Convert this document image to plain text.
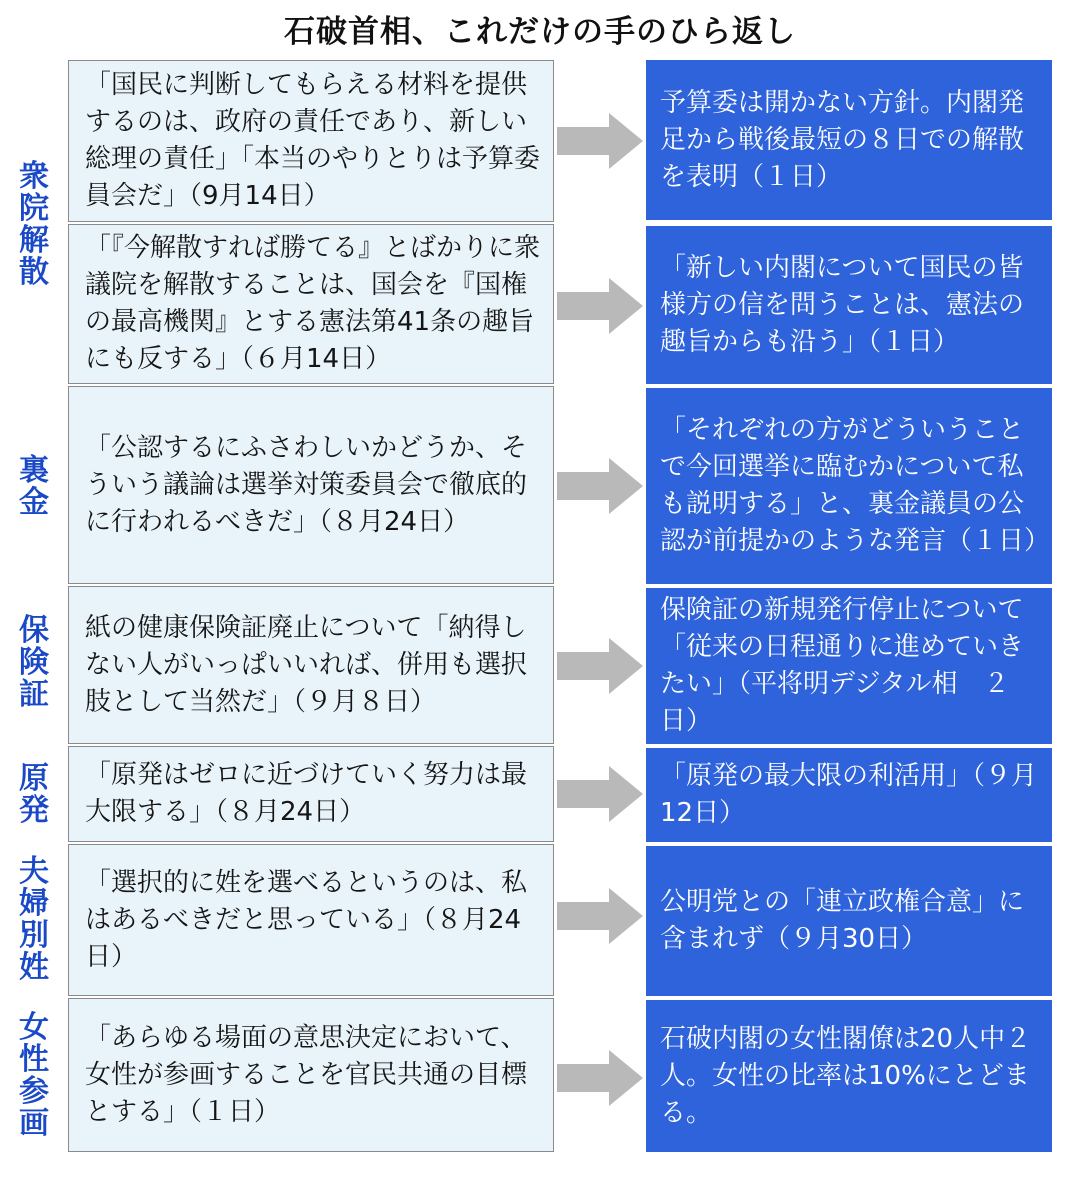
石破首相、これだけの手のひら返し
衆
院
解
散
裏
金
保
険
証
原
発
夫
婦
別
姓
女
性
参
画
「国民に判断してもらえる材料を提供するのは、政府の責任であり、新しい総理の責任」「本当のやりとりは予算委員会だ」（9月14日）
予算委は開かない方針。内閣発足から戦後最短の８日での解散を表明（１日）
「『今解散すれば勝てる』とばかりに衆議院を解散することは、国会を『国権の最高機関』とする憲法第41条の趣旨にも反する」（６月14日）
「新しい内閣について国民の皆様方の信を問うことは、憲法の趣旨からも沿う」（１日）
「公認するにふさわしいかどうか、そういう議論は選挙対策委員会で徹底的に行われるべきだ」（８月24日）
「それぞれの方がどういうことで今回選挙に臨むかについて私も説明する」と、裏金議員の公認が前提かのような発言（１日）
紙の健康保険証廃止について「納得しない人がいっぱいいれば、併用も選択肢として当然だ」（９月８日）
保険証の新規発行停止について「従来の日程通りに進めていきたい」（平将明デジタル相　２日）
「原発はゼロに近づけていく努力は最大限する」（８月24日）
「原発の最大限の利活用」（９月12日）
「選択的に姓を選べるというのは、私はあるべきだと思っている」（８月24日）
公明党との「連立政権合意」に含まれず（９月30日）
「あらゆる場面の意思決定において、女性が参画することを官民共通の目標とする」（１日）
石破内閣の女性閣僚は20人中２人。女性の比率は10%にとどまる。
